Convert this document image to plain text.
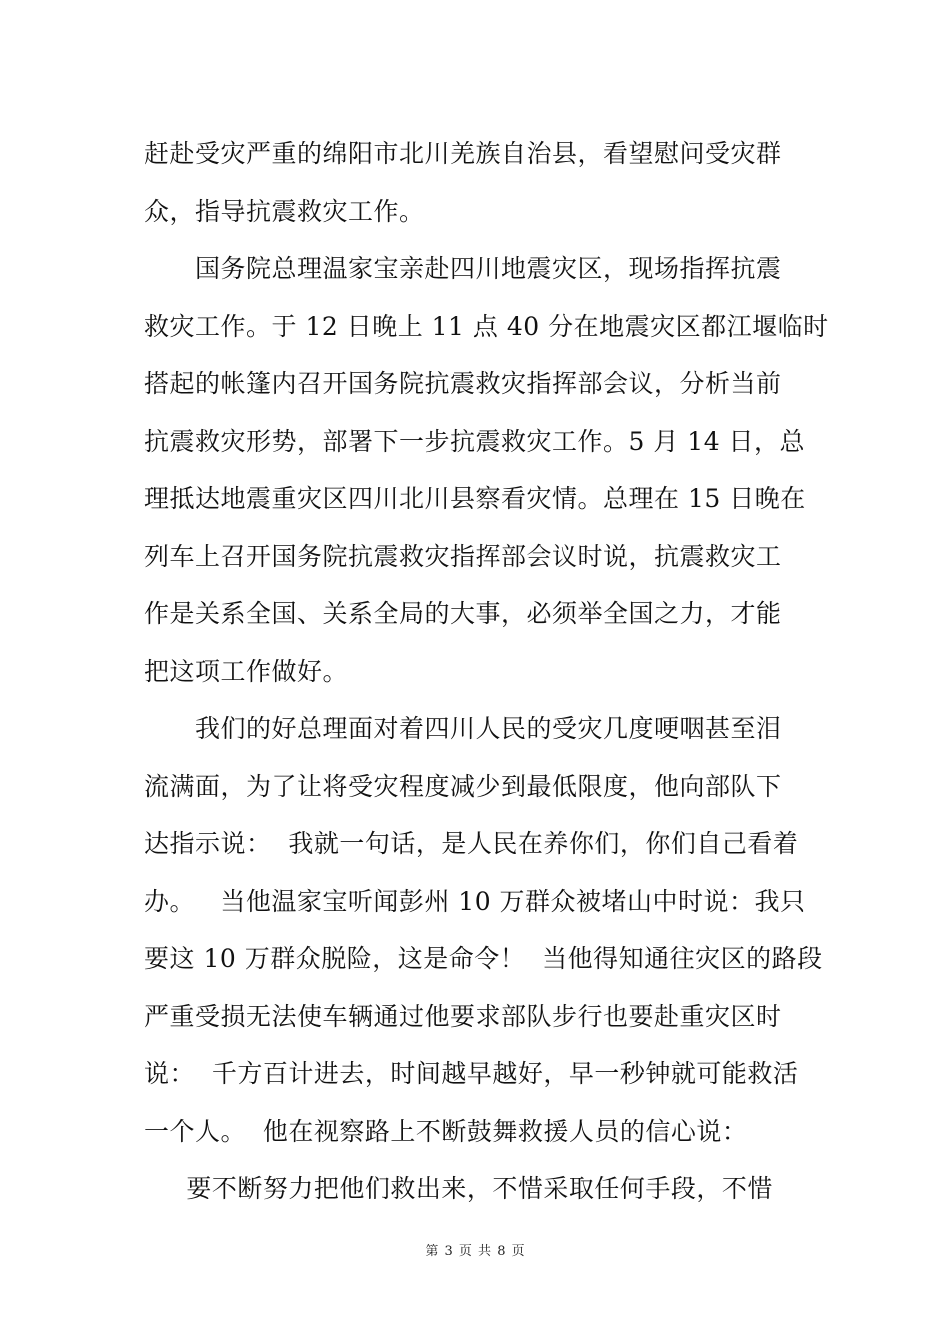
赶赴受灾严重的绵阳市北川羌族自治县，看望慰问受灾群
众，指导抗震救灾工作。
　　国务院总理温家宝亲赴四川地震灾区，现场指挥抗震
救灾工作。于 12 日晚上 11 点 40 分在地震灾区都江堰临时
搭起的帐篷内召开国务院抗震救灾指挥部会议，分析当前
抗震救灾形势，部署下一步抗震救灾工作。5 月 14 日，总
理抵达地震重灾区四川北川县察看灾情。总理在 15 日晚在
列车上召开国务院抗震救灾指挥部会议时说，抗震救灾工
作是关系全国、关系全局的大事，必须举全国之力，才能
把这项工作做好。
　　我们的好总理面对着四川人民的受灾几度哽咽甚至泪
流满面，为了让将受灾程度减少到最低限度，他向部队下
达指示说：  我就一句话，是人民在养你们，你们自己看着
办。   当他温家宝听闻彭州 10 万群众被堵山中时说：我只
要这 10 万群众脱险，这是命令！  当他得知通往灾区的路段
严重受损无法使车辆通过他要求部队步行也要赴重灾区时
说：  千方百计进去，时间越早越好，早一秒钟就可能救活
一个人。  他在视察路上不断鼓舞救援人员的信心说：
　  要不断努力把他们救出来，不惜采取任何手段，不惜
第 3 页 共 8 页
